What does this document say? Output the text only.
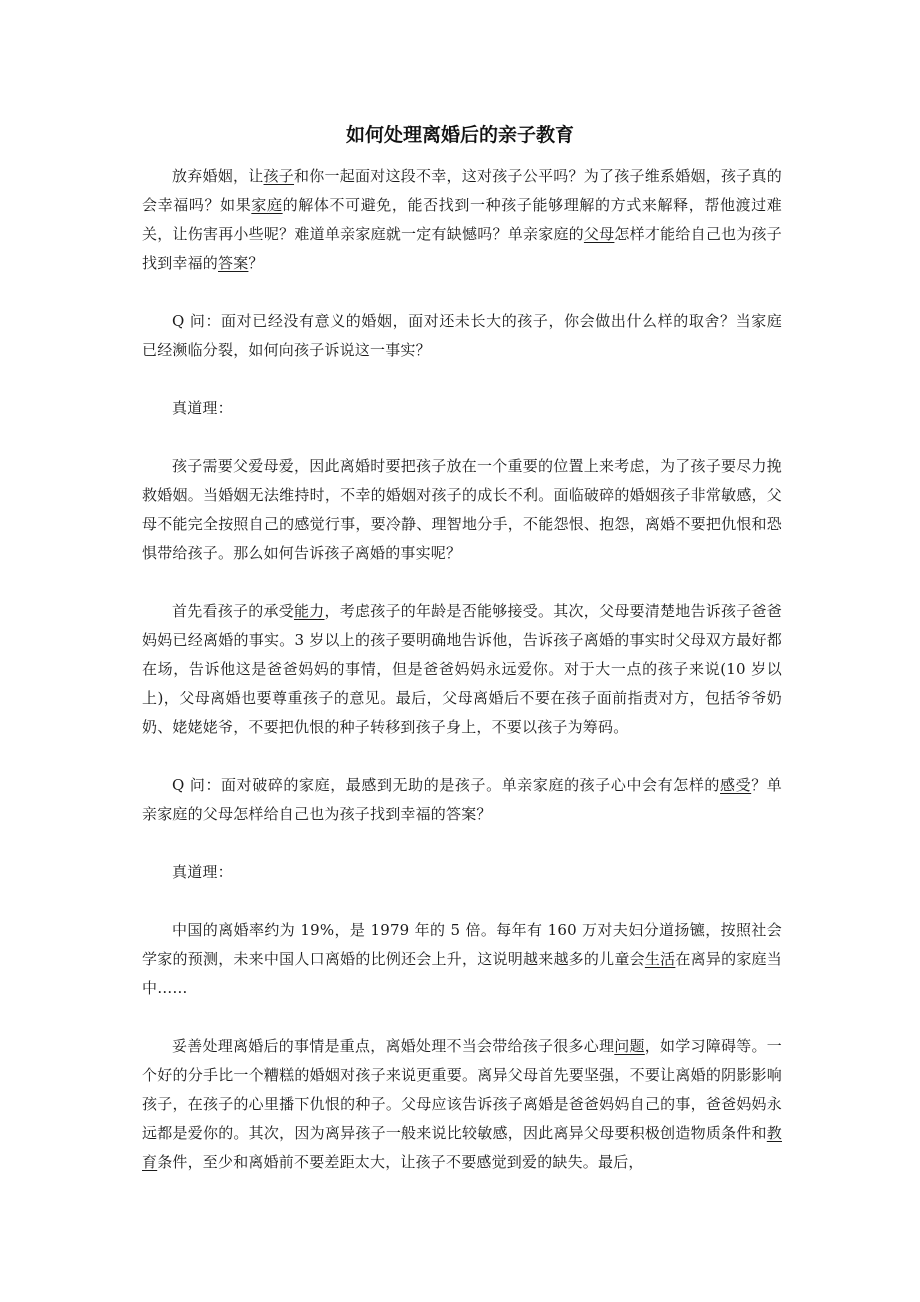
如何处理离婚后的亲子教育

放弃婚姻，让孩子和你一起面对这段不幸，这对孩子公平吗？为了孩子维系婚姻，孩子真的会幸福吗？如果家庭的解体不可避免，能否找到一种孩子能够理解的方式来解释，帮他渡过难关，让伤害再小些呢？难道单亲家庭就一定有缺憾吗？单亲家庭的父母怎样才能给自己也为孩子找到幸福的答案？

Q 问：面对已经没有意义的婚姻，面对还未长大的孩子，你会做出什么样的取舍？当家庭已经濒临分裂，如何向孩子诉说这一事实？

真道理：

孩子需要父爱母爱，因此离婚时要把孩子放在一个重要的位置上来考虑，为了孩子要尽力挽救婚姻。当婚姻无法维持时，不幸的婚姻对孩子的成长不利。面临破碎的婚姻孩子非常敏感，父母不能完全按照自己的感觉行事，要冷静、理智地分手，不能怨恨、抱怨，离婚不要把仇恨和恐惧带给孩子。那么如何告诉孩子离婚的事实呢？

首先看孩子的承受能力，考虑孩子的年龄是否能够接受。其次，父母要清楚地告诉孩子爸爸妈妈已经离婚的事实。3 岁以上的孩子要明确地告诉他，告诉孩子离婚的事实时父母双方最好都在场，告诉他这是爸爸妈妈的事情，但是爸爸妈妈永远爱你。对于大一点的孩子来说(10 岁以上)，父母离婚也要尊重孩子的意见。最后，父母离婚后不要在孩子面前指责对方，包括爷爷奶奶、姥姥姥爷，不要把仇恨的种子转移到孩子身上，不要以孩子为筹码。

Q 问：面对破碎的家庭，最感到无助的是孩子。单亲家庭的孩子心中会有怎样的感受？单亲家庭的父母怎样给自己也为孩子找到幸福的答案？

真道理：

中国的离婚率约为 19%，是 1979 年的 5 倍。每年有 160 万对夫妇分道扬镳，按照社会学家的预测，未来中国人口离婚的比例还会上升，这说明越来越多的儿童会生活在离异的家庭当中……

妥善处理离婚后的事情是重点，离婚处理不当会带给孩子很多心理问题，如学习障碍等。一个好的分手比一个糟糕的婚姻对孩子来说更重要。离异父母首先要坚强，不要让离婚的阴影影响孩子，在孩子的心里播下仇恨的种子。父母应该告诉孩子离婚是爸爸妈妈自己的事，爸爸妈妈永远都是爱你的。其次，因为离异孩子一般来说比较敏感，因此离异父母要积极创造物质条件和教育条件，至少和离婚前不要差距太大，让孩子不要感觉到爱的缺失。最后，
